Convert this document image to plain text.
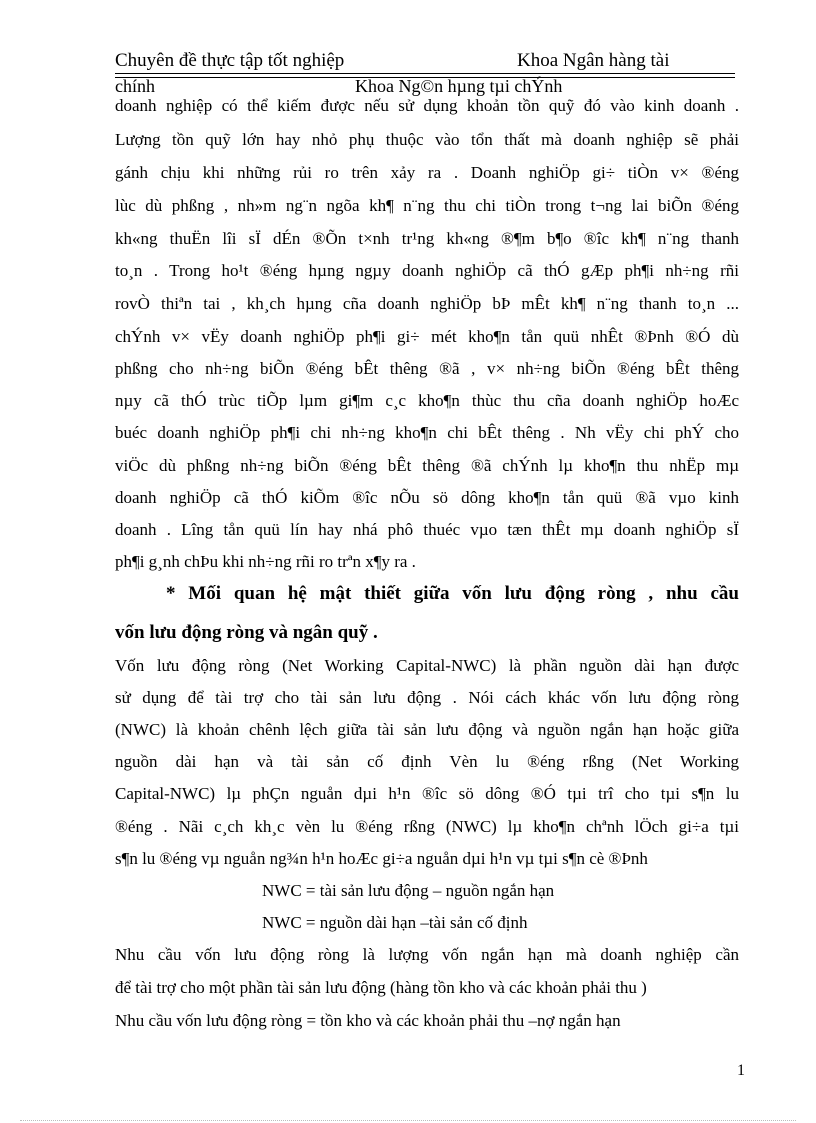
Chuyên đề thực tập tốt nghiệp	Khoa Ngân hàng tài
chính	Khoa Ng©n hµng tµi chÝnh
doanh nghiệp có thể kiếm được nếu sử dụng khoản tồn quỹ đó vào kinh doanh .
Lượng tồn quỹ lớn hay nhỏ phụ thuộc vào tổn thất mà doanh nghiệp sẽ phải
gánh chịu khi những rủi ro trên xảy ra . Doanh nghiÖp gi÷ tiÒn v× ®éng
lùc dù phßng , nh»m ng¨n ngõa kh¶ n¨ng thu chi tiÒn trong t¬ng lai biÕn ®éng
kh«ng thuËn lîi sÏ dÉn ®Õn t×nh tr¹ng kh«ng ®¶m b¶o ®îc kh¶ n¨ng thanh
to¸n . Trong ho¹t ®éng hµng ngµy doanh nghiÖp cã thÓ gÆp ph¶i nh÷ng rñi
rovÒ thiªn tai , kh¸ch hµng cña doanh nghiÖp bÞ mÊt kh¶ n¨ng thanh to¸n ...
chÝnh v× vËy doanh nghiÖp ph¶i gi÷ mét kho¶n tån quü nhÊt ®Þnh ®Ó dù
phßng cho nh÷ng biÕn ®éng bÊt thêng ®ã , v× nh÷ng biÕn ®éng bÊt thêng
nµy cã thÓ trùc tiÕp lµm gi¶m c¸c kho¶n thùc thu cña doanh nghiÖp hoÆc
buéc doanh nghiÖp ph¶i chi nh÷ng kho¶n chi bÊt thêng . Nh vËy chi phÝ cho
viÖc dù phßng nh÷ng biÕn ®éng bÊt thêng ®ã chÝnh lµ kho¶n thu nhËp mµ
doanh nghiÖp cã thÓ kiÕm ®îc nÕu sö dông kho¶n tån quü ®ã vµo kinh
doanh . Lîng tån quü lín hay nhá phô thuéc vµo tæn thÊt mµ doanh nghiÖp sÏ
ph¶i g¸nh chÞu khi nh÷ng rñi ro trªn x¶y ra .
* Mối quan hệ mật thiết giữa vốn lưu động ròng , nhu cầu
vốn lưu động ròng và ngân quỹ .
Vốn lưu động ròng (Net Working Capital-NWC) là phần nguồn dài hạn được
sử dụng để tài trợ cho tài sản lưu động . Nói cách khác vốn lưu động ròng
(NWC) là khoản chênh lệch giữa tài sản lưu động và nguồn ngắn hạn hoặc giữa
nguồn dài hạn và tài sản cố định Vèn lu ®éng rßng (Net Working
Capital-NWC) lµ phÇn nguån dµi h¹n ®îc sö dông ®Ó tµi trî cho tµi s¶n lu
®éng . Nãi c¸ch kh¸c vèn lu ®éng rßng (NWC) lµ kho¶n chªnh lÖch gi÷a tµi
s¶n lu ®éng vµ nguån ng¾n h¹n hoÆc gi÷a nguån dµi h¹n vµ tµi s¶n cè ®Þnh
NWC = tài sản lưu động – nguồn ngắn hạn
NWC = nguồn dài hạn –tài sản cố định
Nhu cầu vốn lưu động ròng là lượng vốn ngắn hạn mà doanh nghiệp cần
để tài trợ cho một phần tài sản lưu động (hàng tồn kho và các khoản phải thu )
Nhu cầu vốn lưu động ròng = tồn kho và các khoản phải thu –nợ ngắn hạn
1
